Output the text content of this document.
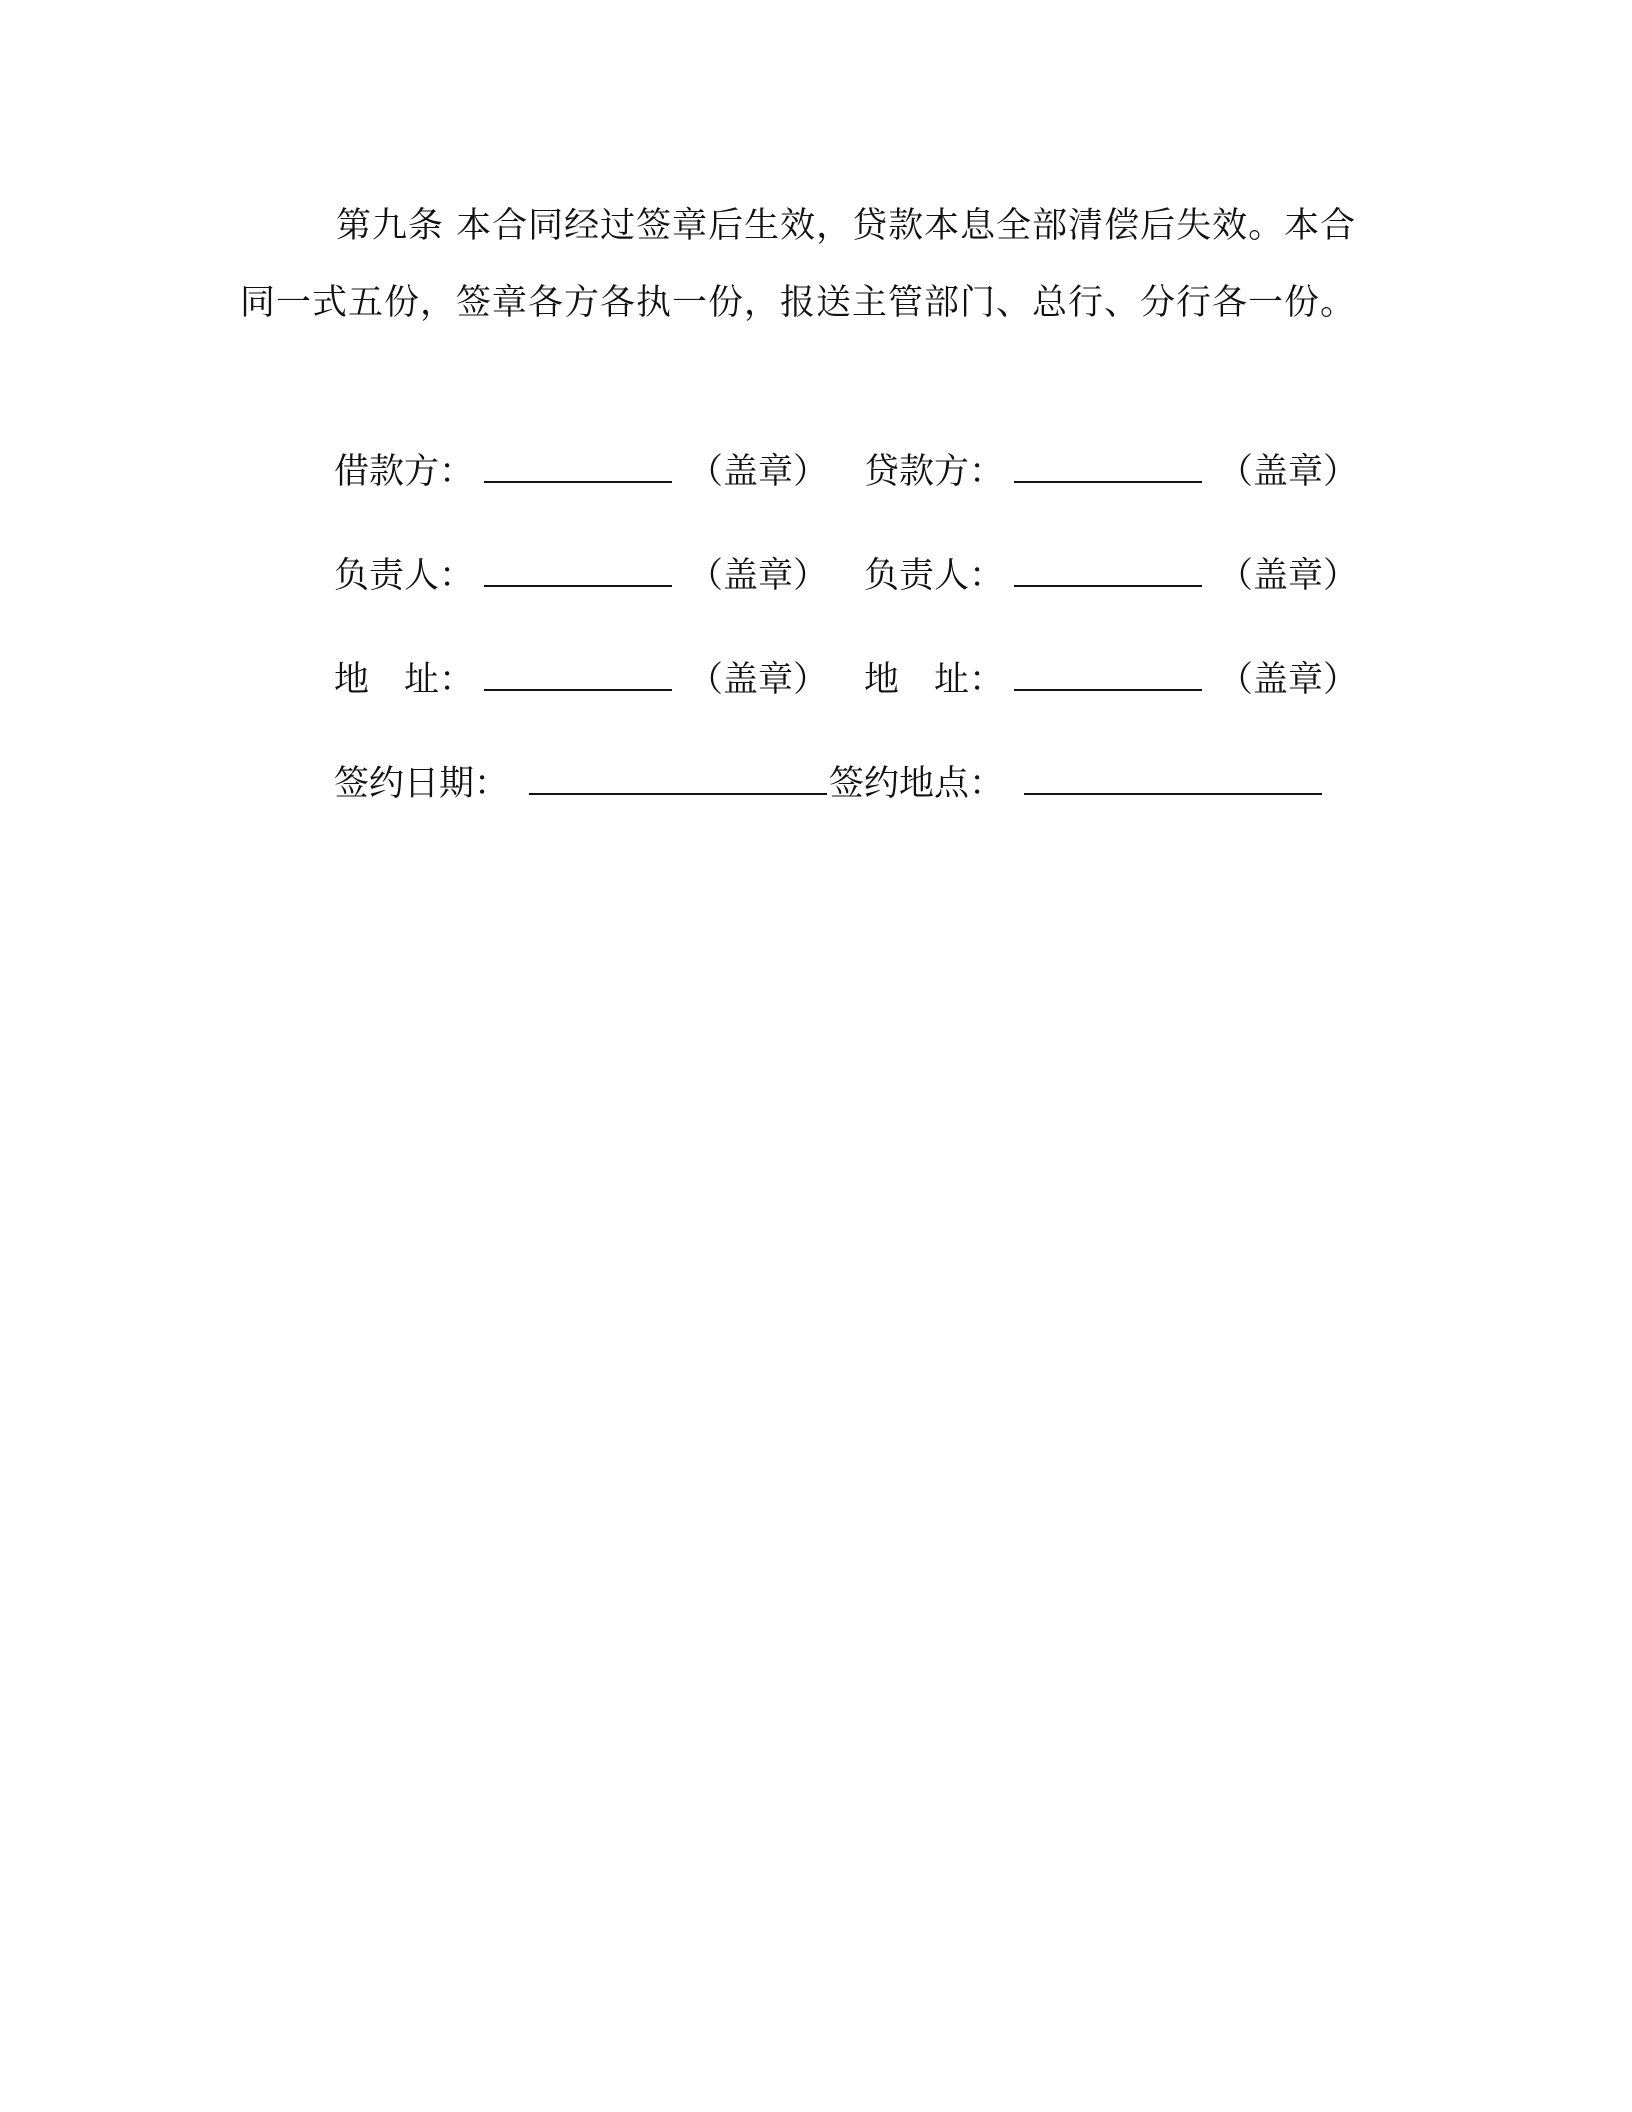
第九条 本合同经过签章后生效，贷款本息全部清偿后失效。本合同一式五份，签章各方各执一份，报送主管部门、总行、分行各一份。

借款方：	（盖章） 贷款方：	（盖章）
负责人：	（盖章） 负责人：	（盖章）
地　址：	（盖章） 地　址：	（盖章）
签约日期：	签约地点：
